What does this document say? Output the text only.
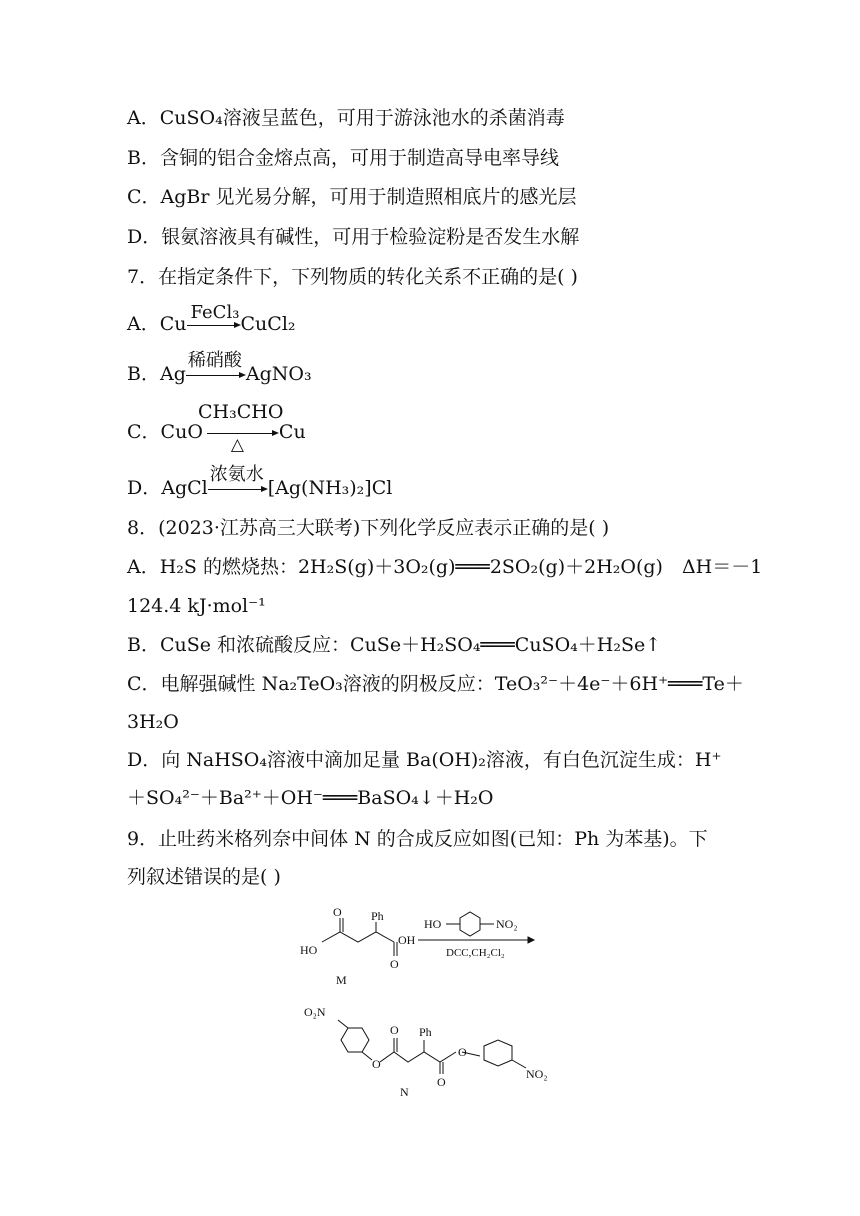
A．CuSO₄溶液呈蓝色，可用于游泳池水的杀菌消毒
B．含铜的铝合金熔点高，可用于制造高导电率导线
C．AgBr 见光易分解，可用于制造照相底片的感光层
D．银氨溶液具有碱性，可用于检验淀粉是否发生水解
7．在指定条件下，下列物质的转化关系不正确的是( )
A．Cu
FeCl₃
CuCl₂
B．Ag
稀硝酸
AgNO₃
CH₃CHO
C．CuO
△
Cu
D．AgCl
浓氨水
[Ag(NH₃)₂]Cl
8．(2023·江苏高三大联考)下列化学反应表示正确的是( )
A．H₂S 的燃烧热：2H₂S(g)＋3O₂(g)═══2SO₂(g)＋2H₂O(g)　ΔH＝－1
124.4 kJ·mol⁻¹
B．CuSe 和浓硫酸反应：CuSe＋H₂SO₄═══CuSO₄＋H₂Se↑
C．电解强碱性 Na₂TeO₃溶液的阴极反应：TeO₃²⁻＋4e⁻＋6H⁺═══Te＋
3H₂O
D．向 NaHSO₄溶液中滴加足量 Ba(OH)₂溶液，有白色沉淀生成：H⁺
＋SO₄²⁻＋Ba²⁺＋OH⁻═══BaSO₄↓＋H₂O
9．止吐药米格列奈中间体 N 的合成反应如图(已知：Ph 为苯基)。下
列叙述错误的是( )
HO
O Ph
OH
O
M
HO	NO₂
DCC,CH₂Cl₂
O₂N
O
O Ph
O
O
NO₂
N
